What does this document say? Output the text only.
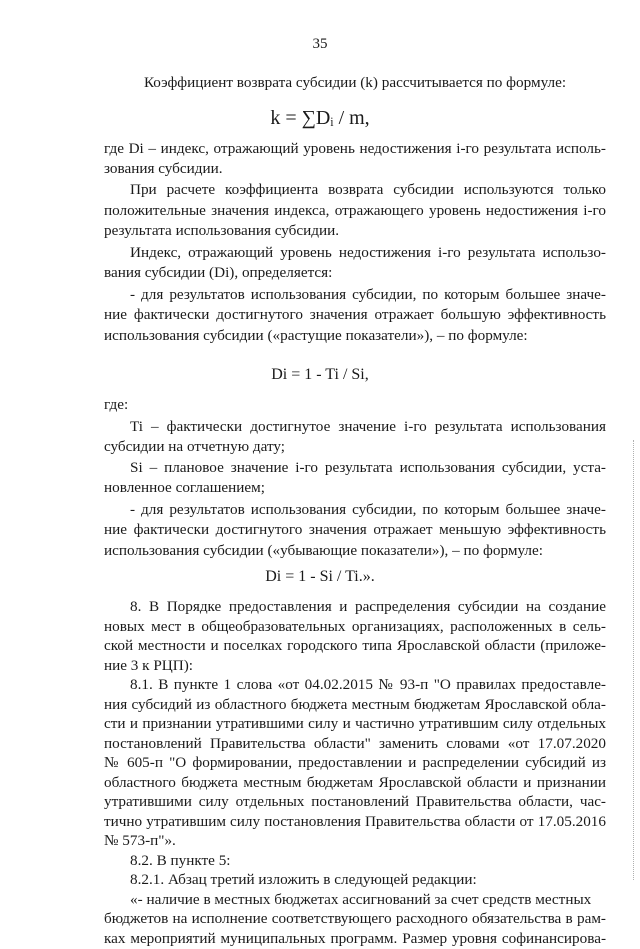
35
Коэффициент возврата субсидии (k) рассчитывается по формуле:
k = ∑Dᵢ / m,
где Di – индекс, отражающий уровень недостижения i-го результата исполь-
зования субсидии.
При расчете коэффициента возврата субсидии используются только
положительные значения индекса, отражающего уровень недостижения i-го
результата использования субсидии.
Индекс, отражающий уровень недостижения i-го результата использо-
вания субсидии (Di), определяется:
- для результатов использования субсидии, по которым большее значе-
ние фактически достигнутого значения отражает большую эффективность
использования субсидии («растущие показатели»), – по формуле:
Di = 1 - Ti / Si,
где:
Ti – фактически достигнутое значение i-го результата использования
субсидии на отчетную дату;
Si – плановое значение i-го результата использования субсидии, уста-
новленное соглашением;
- для результатов использования субсидии, по которым большее значе-
ние фактически достигнутого значения отражает меньшую эффективность
использования субсидии («убывающие показатели»), – по формуле:
Di = 1 - Si / Ti.».
8. В Порядке предоставления и распределения субсидии на создание
новых мест в общеобразовательных организациях, расположенных в сель-
ской местности и поселках городского типа Ярославской области (приложе-
ние 3 к РЦП):
8.1. В пункте 1 слова «от 04.02.2015 № 93-п "О правилах предоставле-
ния субсидий из областного бюджета местным бюджетам Ярославской обла-
сти и признании утратившими силу и частично утратившим силу отдельных
постановлений Правительства области" заменить словами «от 17.07.2020
№ 605-п "О формировании, предоставлении и распределении субсидий из
областного бюджета местным бюджетам Ярославской области и признании
утратившими силу отдельных постановлений Правительства области, час-
тично утратившим силу постановления Правительства области от 17.05.2016
№ 573-п"».
8.2. В пункте 5:
8.2.1. Абзац третий изложить в следующей редакции:
«- наличие в местных бюджетах ассигнований за счет средств местных
бюджетов на исполнение соответствующего расходного обязательства в рам-
ках мероприятий муниципальных программ. Размер уровня софинансирова-
